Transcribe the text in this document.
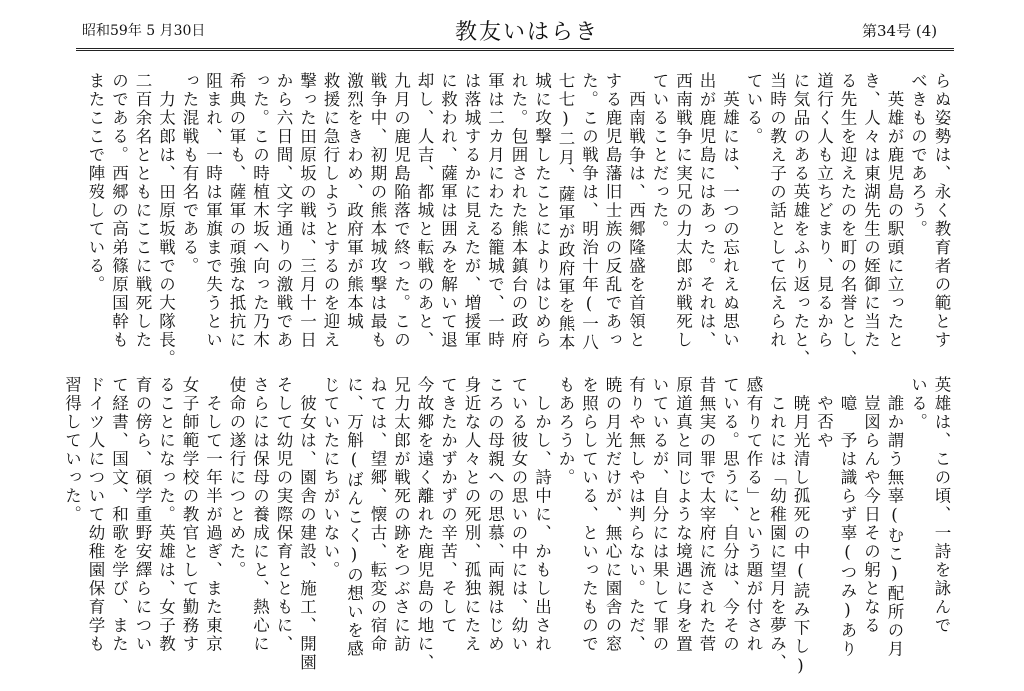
昭和59年 5 月30日	教友いはらき	第34号 (4)
らぬ姿勢は、永く教育者の範とす
べきものであろう。
　英雄が鹿児島の駅頭に立ったと
き、人々は東湖先生の姪御に当た
る先生を迎えたのを町の名誉とし、
道行く人も立ちどまり、見るから
に気品のある英雄をふり返ったと、
当時の教え子の話として伝えられ
ている。
　英雄には、一つの忘れえぬ思い
出が鹿児島にはあった。それは、
西南戦争に実兄の力太郎が戦死し
ていることだった。
　西南戦争は、西郷隆盛を首領と
する鹿児島藩旧士族の反乱であっ
た。この戦争は、明治十年(一八
七七)二月、薩軍が政府軍を熊本
城に攻撃したことによりはじめら
れた。包囲された熊本鎮台の政府
軍は二カ月にわたる籠城で、一時
は落城するかに見えたが、増援軍
に救われ、薩軍は囲みを解いて退
却し、人吉、都城と転戦のあと、
九月の鹿児島陥落で終った。この
戦争中、初期の熊本城攻撃は最も
激烈をきわめ、政府軍が熊本城
救援に急行しようとするのを迎え
撃った田原坂の戦は、三月十一日
から六日間、文字通りの激戦であ
った。この時植木坂へ向った乃木
希典の軍も、薩軍の頑強な抵抗に
阻まれ、一時は軍旗まで失うとい
った混戦も有名である。
　力太郎は、田原坂戦での大隊長。
二百余名とともにここに戦死した
のである。西郷の高弟篠原国幹も
またここで陣歿している。
英雄は、この頃、一詩を詠んで
いる。
　誰か謂う無辜(むこ)配所の月
　豈図らんや今日その躬となる
　噫　予は識らず辜(つみ)あり
　や否や
　暁月光清し孤死の中(読み下し)
　これには「幼稚園に望月を夢み、
感有りて作る」という題が付され
ている。思うに、自分は、今その
昔無実の罪で太宰府に流された菅
原道真と同じような境遇に身を置
いているが、自分には果して罪の
有りや無しやは判らない。ただ、
暁の月光だけが、無心に園舎の窓
を照らしている、といったもので
もあろうか。
　しかし、詩中に、かもし出され
ている彼女の思いの中には、幼い
ころの母親への思慕、両親はじめ
身近な人々との死別、孤独にたえ
てきたかずかずの辛苦、そして
今故郷を遠く離れた鹿児島の地に、
兄力太郎が戦死の跡をつぶさに訪
ねては、望郷、懐古、転変の宿命
に、万斛(ばんこく)の想いを感
じていたにちがいない。
　彼女は、園舎の建設、施工、開園
そして幼児の実際保育とともに、
さらには保母の養成にと、熱心に
使命の遂行につとめた。
　そして一年半が過ぎ、また東京
女子師範学校の教官として勤務す
ることになった。英雄は、女子教
育の傍ら、碩学重野安繹らについ
て経書、国文、和歌を学び、また
ドイツ人について幼稚園保育学も
習得していった。
